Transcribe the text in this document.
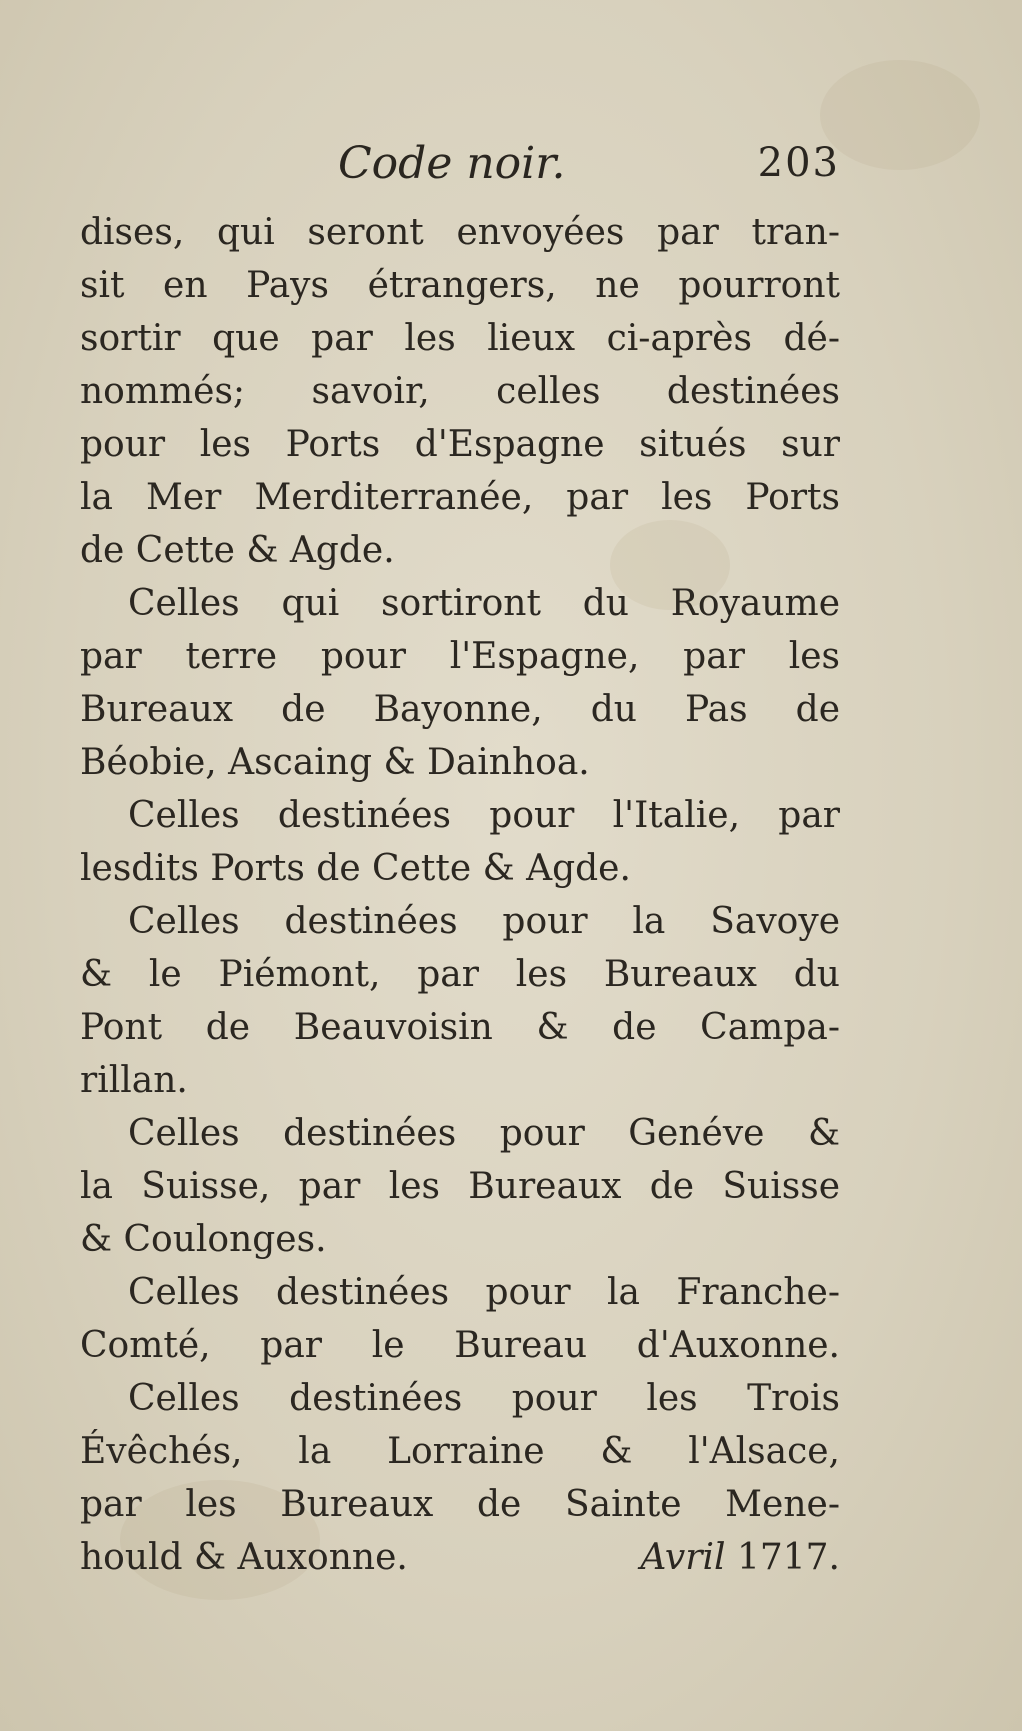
Code noir.	203
dises, qui seront envoyées par tran-
sit en Pays étrangers, ne pourront
sortir que par les lieux ci-après dé-
nommés; savoir, celles destinées
pour les Ports d'Espagne situés sur
la Mer Merditerranée, par les Ports
de Cette & Agde.
Celles qui sortiront du Royaume
par terre pour l'Espagne, par les
Bureaux de Bayonne, du Pas de
Béobie, Ascaing & Dainhoa.
Celles destinées pour l'Italie, par
lesdits Ports de Cette & Agde.
Celles destinées pour la Savoye
& le Piémont, par les Bureaux du
Pont de Beauvoisin & de Campa-
rillan.
Celles destinées pour Genéve &
la Suisse, par les Bureaux de Suisse
& Coulonges.
Celles destinées pour la Franche-
Comté, par le Bureau d'Auxonne.
Celles destinées pour les Trois
Évêchés, la Lorraine & l'Alsace,
par les Bureaux de Sainte Mene-
hould & Auxonne.	Avril 1717.
